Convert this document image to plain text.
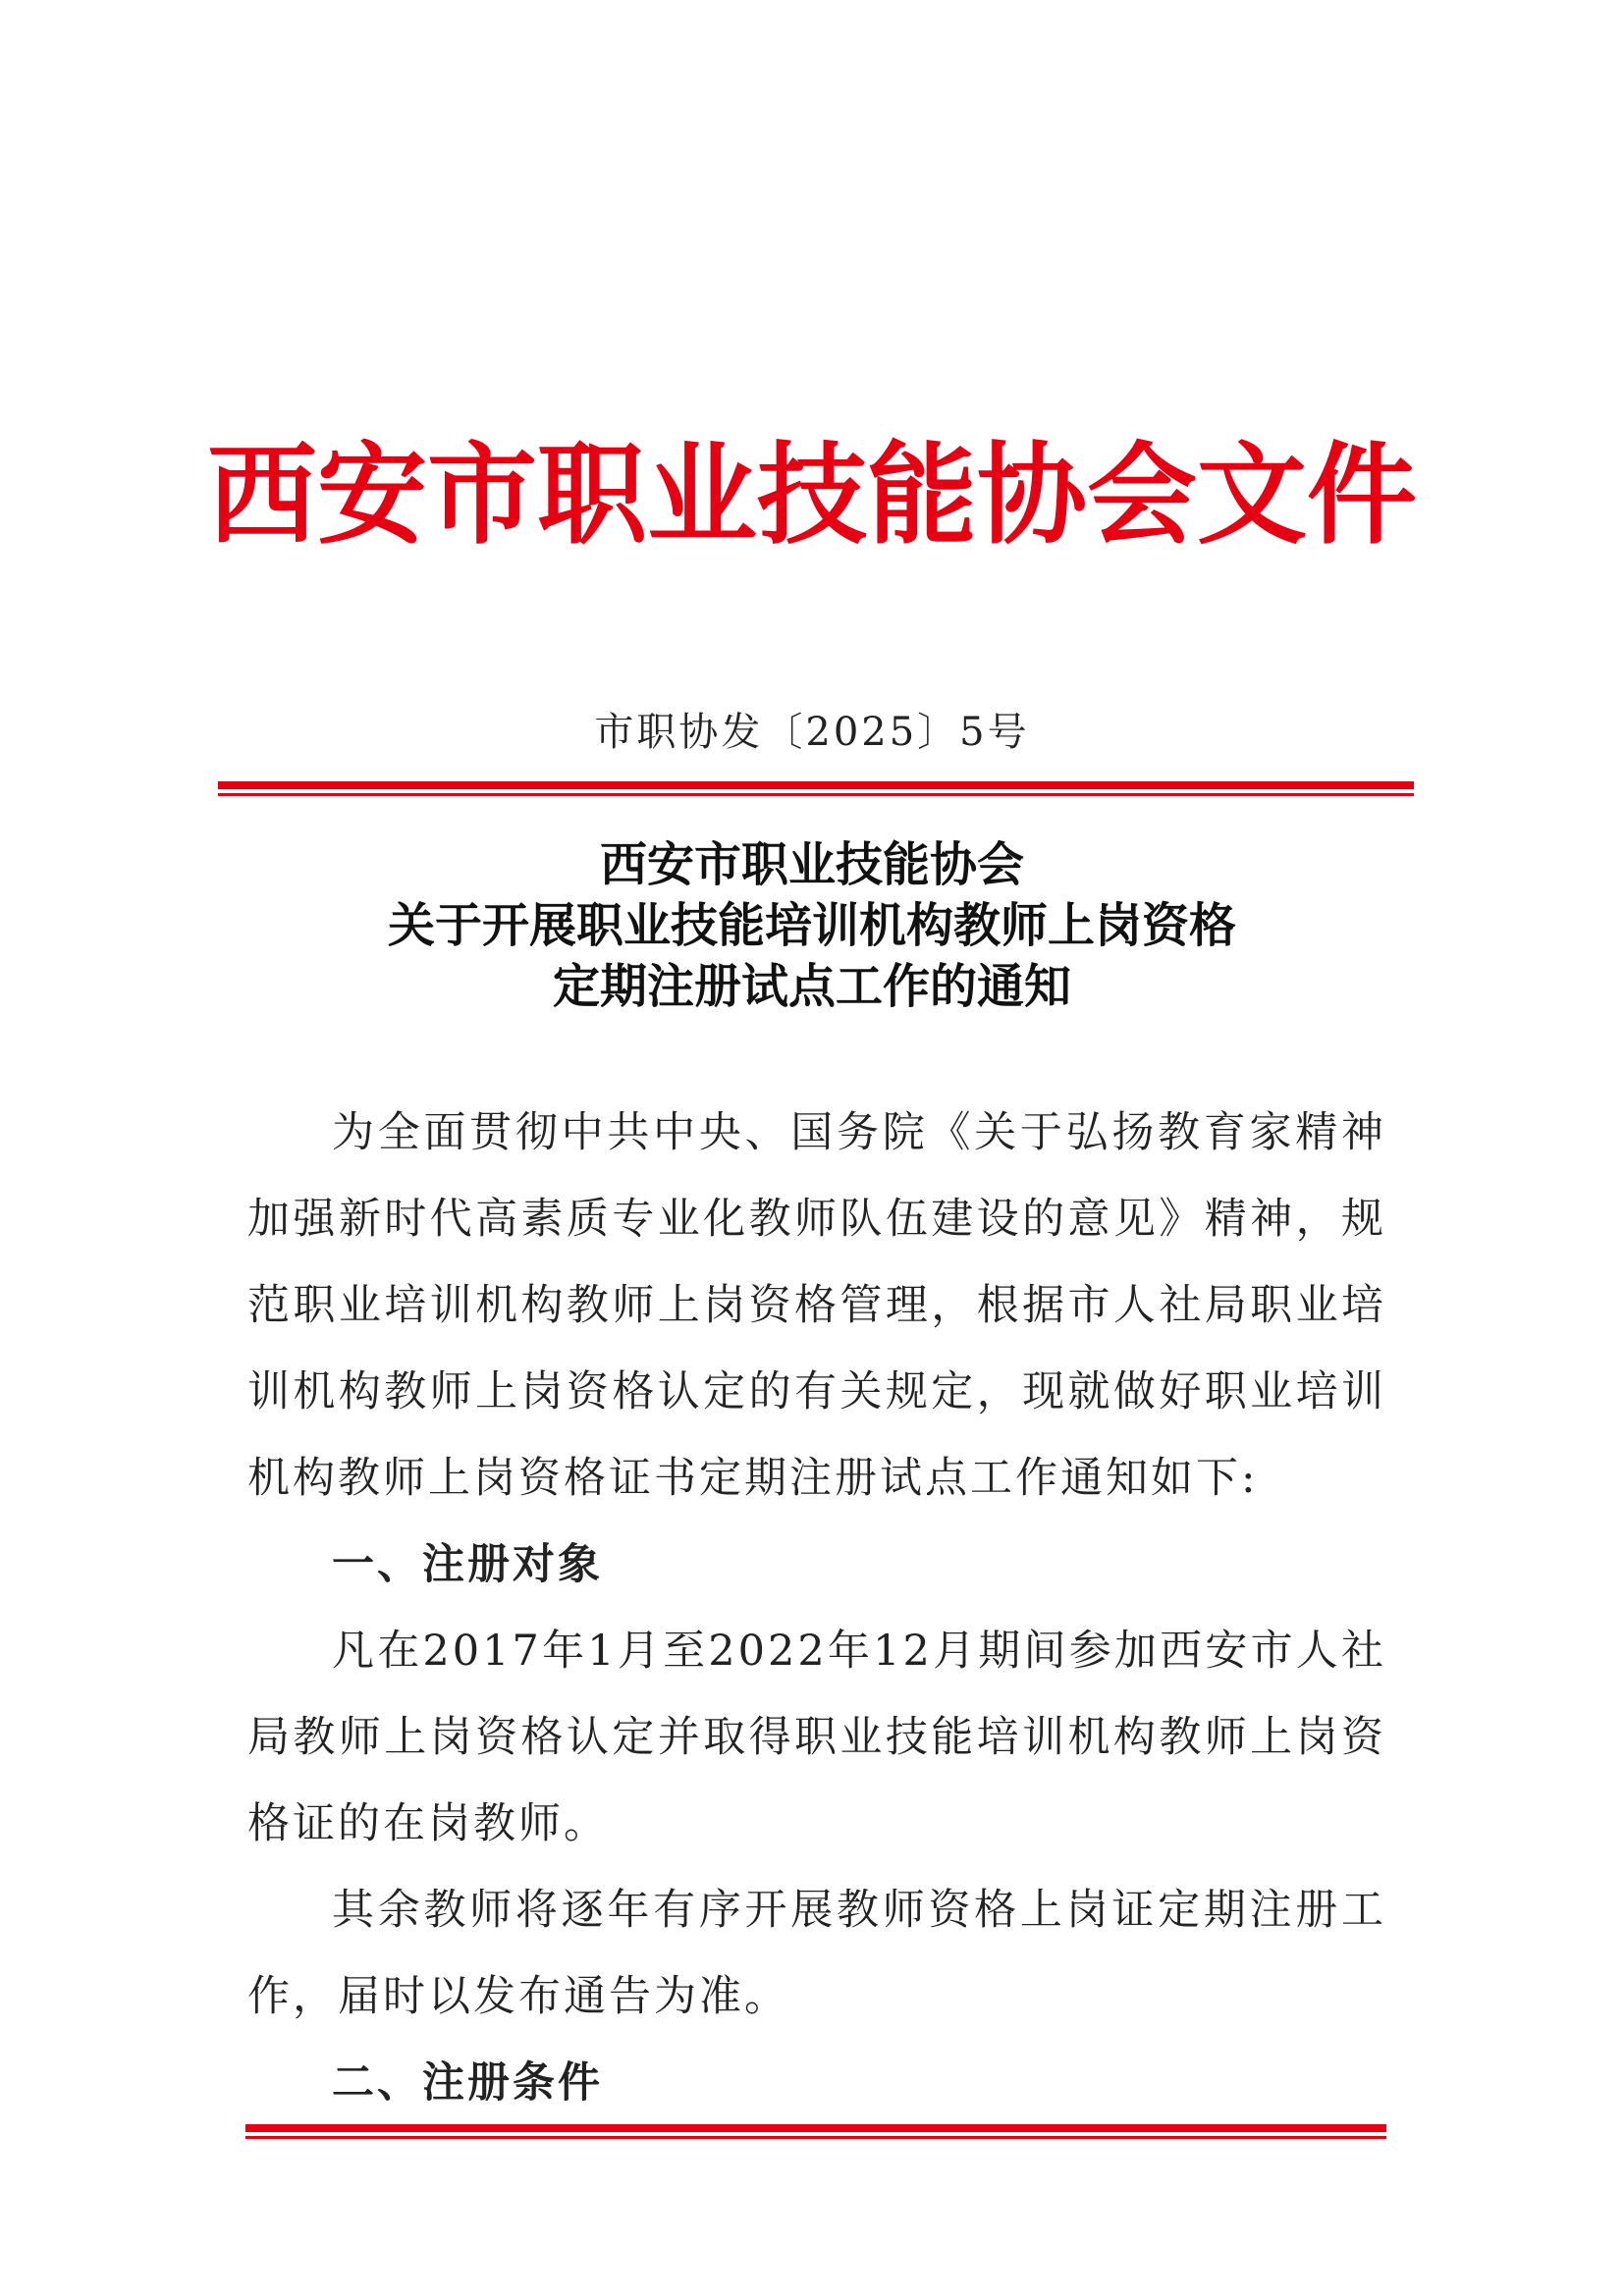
西安市职业技能协会文件
市职协发〔2025〕5号
西安市职业技能协会
关于开展职业技能培训机构教师上岗资格
定期注册试点工作的通知

为全面贯彻中共中央、国务院《关于弘扬教育家精神加强新时代高素质专业化教师队伍建设的意见》精神，规范职业培训机构教师上岗资格管理，根据市人社局职业培训机构教师上岗资格认定的有关规定，现就做好职业培训机构教师上岗资格证书定期注册试点工作通知如下:

一、注册对象

凡在2017年1月至2022年12月期间参加西安市人社局教师上岗资格认定并取得职业技能培训机构教师上岗资格证的在岗教师。

其余教师将逐年有序开展教师资格上岗证定期注册工作，届时以发布通告为准。

二、注册条件
